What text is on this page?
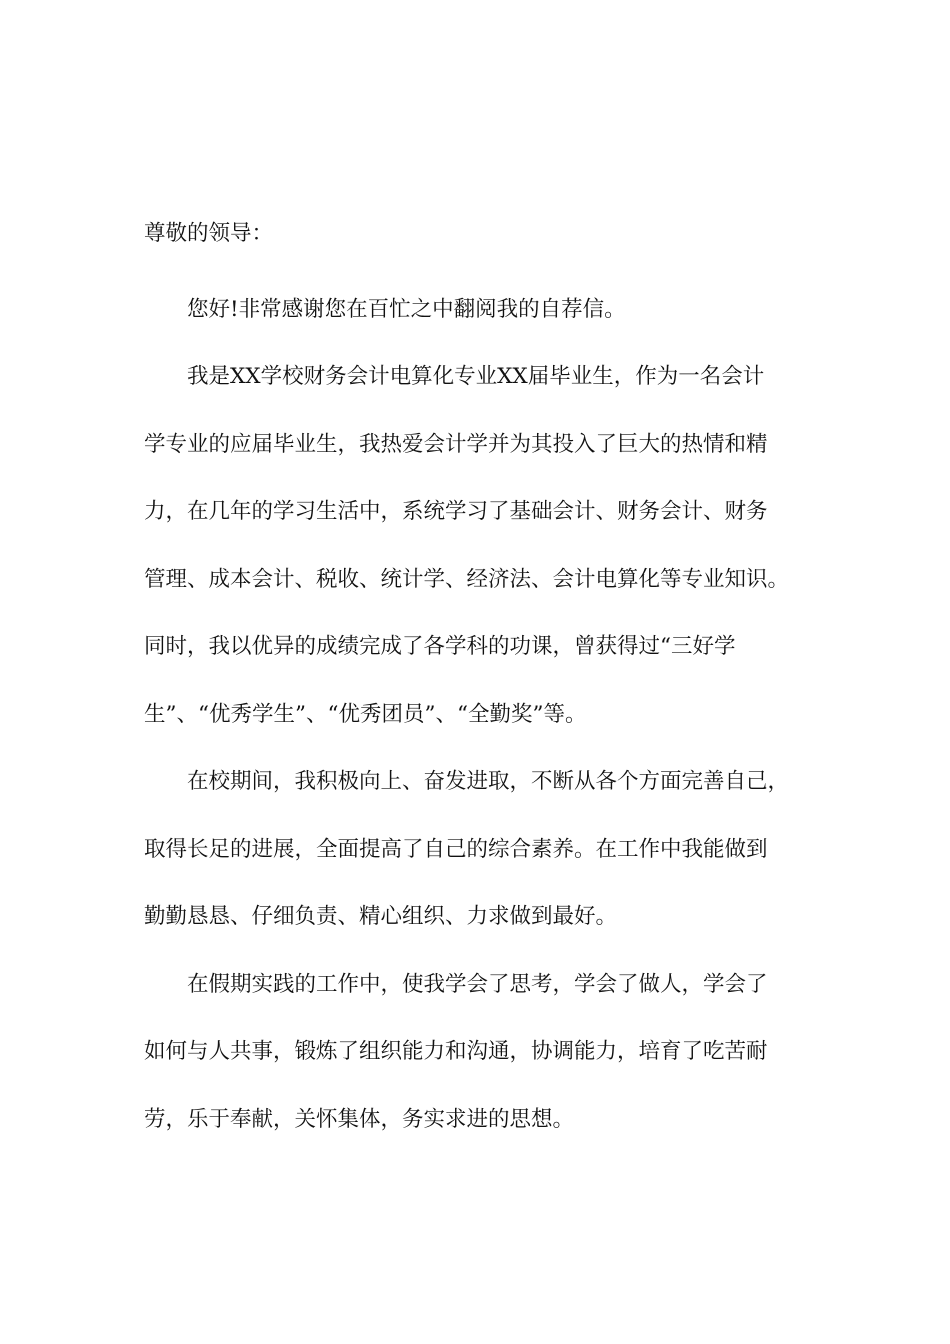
尊敬的领导：
您好!非常感谢您在百忙之中翻阅我的自荐信。
我是XX学校财务会计电算化专业XX届毕业生，作为一名会计
学专业的应届毕业生，我热爱会计学并为其投入了巨大的热情和精
力，在几年的学习生活中，系统学习了基础会计、财务会计、财务
管理、成本会计、税收、统计学、经济法、会计电算化等专业知识。
同时，我以优异的成绩完成了各学科的功课，曾获得过“三好学
生”、“优秀学生”、“优秀团员”、“全勤奖”等。
在校期间，我积极向上、奋发进取，不断从各个方面完善自己，
取得长足的进展，全面提高了自己的综合素养。在工作中我能做到
勤勤恳恳、仔细负责、精心组织、力求做到最好。
在假期实践的工作中，使我学会了思考，学会了做人，学会了
如何与人共事，锻炼了组织能力和沟通，协调能力，培育了吃苦耐
劳，乐于奉献，关怀集体，务实求进的思想。
